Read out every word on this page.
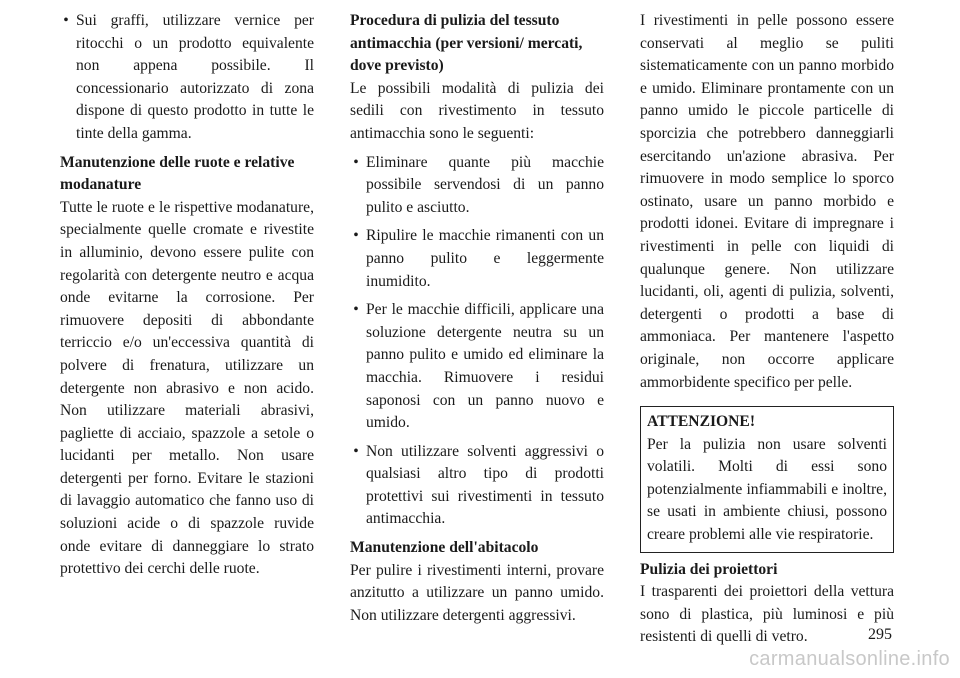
• Sui graffi, utilizzare vernice per ritocchi o un prodotto equivalente non appena possibile. Il concessionario autorizzato di zona dispone di questo prodotto in tutte le tinte della gamma.
Manutenzione delle ruote e relative modanature

Tutte le ruote e le rispettive modanature, specialmente quelle cromate e rivestite in alluminio, devono essere pulite con regolarità con detergente neutro e acqua onde evitarne la corrosione. Per rimuovere depositi di abbondante terriccio e/o un'eccessiva quantità di polvere di frenatura, utilizzare un detergente non abrasivo e non acido. Non utilizzare materiali abrasivi, pagliette di acciaio, spazzole a setole o lucidanti per metallo. Non usare detergenti per forno. Evitare le stazioni di lavaggio automatico che fanno uso di soluzioni acide o di spazzole ruvide onde evitare di danneggiare lo strato protettivo dei cerchi delle ruote.

Procedura di pulizia del tessuto antimacchia (per versioni/ mercati, dove previsto)

Le possibili modalità di pulizia dei sedili con rivestimento in tessuto antimacchia sono le seguenti:

• Eliminare quante più macchie possibile servendosi di un panno pulito e asciutto.
• Ripulire le macchie rimanenti con un panno pulito e leggermente inumidito.
• Per le macchie difficili, applicare una soluzione detergente neutra su un panno pulito e umido ed eliminare la macchia. Rimuovere i residui saponosi con un panno nuovo e umido.
• Non utilizzare solventi aggressivi o qualsiasi altro tipo di prodotti protettivi sui rivestimenti in tessuto antimacchia.
Manutenzione dell'abitacolo

Per pulire i rivestimenti interni, provare anzitutto a utilizzare un panno umido. Non utilizzare detergenti aggressivi.

I rivestimenti in pelle possono essere conservati al meglio se puliti sistematicamente con un panno morbido e umido. Eliminare prontamente con un panno umido le piccole particelle di sporcizia che potrebbero danneggiarli esercitando un'azione abrasiva. Per rimuovere in modo semplice lo sporco ostinato, usare un panno morbido e prodotti idonei. Evitare di impregnare i rivestimenti in pelle con liquidi di qualunque genere. Non utilizzare lucidanti, oli, agenti di pulizia, solventi, detergenti o prodotti a base di ammoniaca. Per mantenere l'aspetto originale, non occorre applicare ammorbidente specifico per pelle.

ATTENZIONE!

Per la pulizia non usare solventi volatili. Molti di essi sono potenzialmente infiammabili e inoltre, se usati in ambiente chiusi, possono creare problemi alle vie respiratorie.

Pulizia dei proiettori

I trasparenti dei proiettori della vettura sono di plastica, più luminosi e più resistenti di quelli di vetro.	295
carmanualsonline.info
